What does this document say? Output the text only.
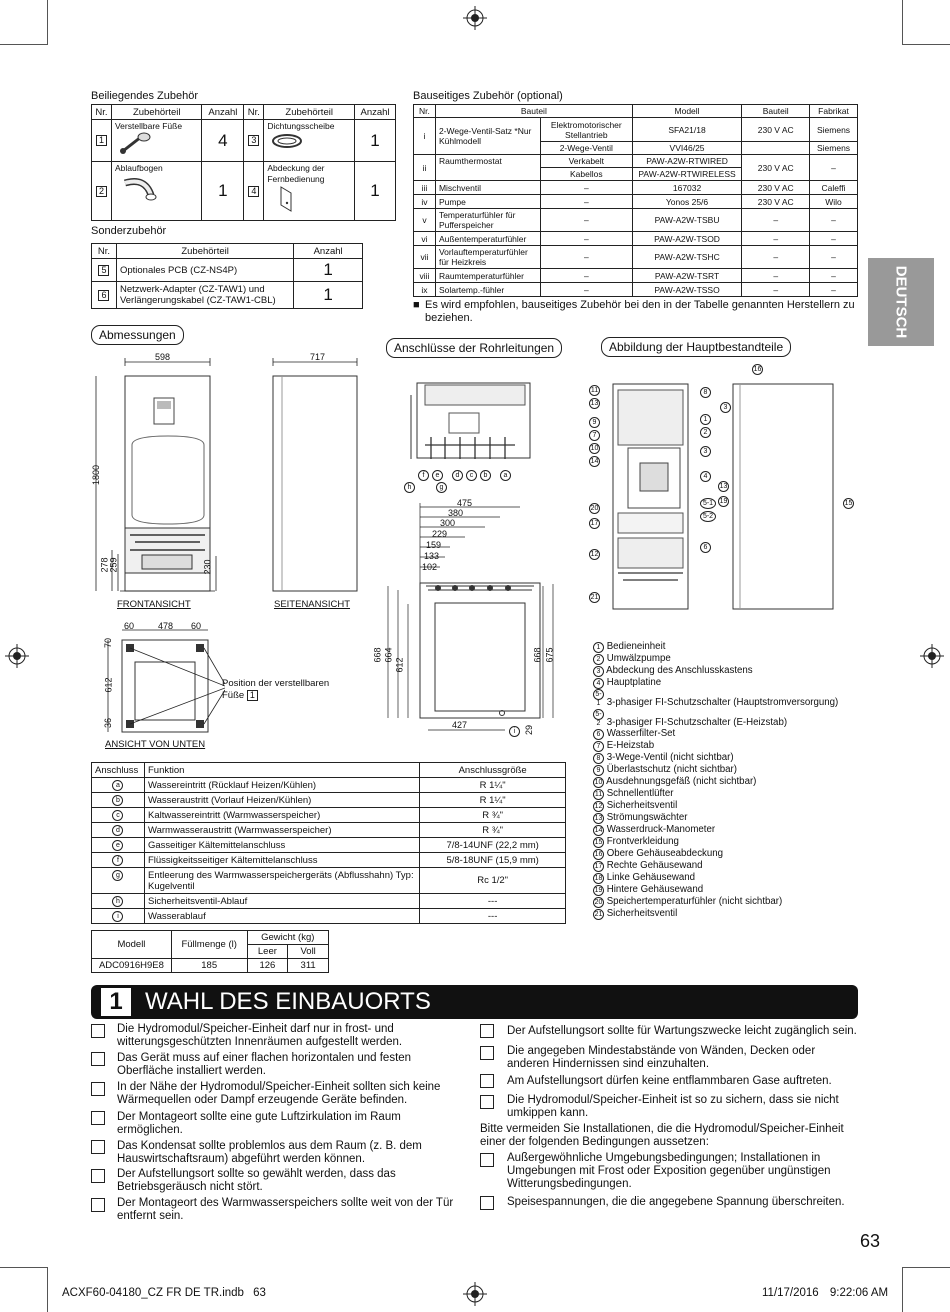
DEUTSCH
Beiliegendes Zubehör
Nr.	Zubehörteil	Anzahl	Nr.	Zubehörteil	Anzahl
1	Verstellbare Füße	4	3	Dichtungsscheibe	1
2	Ablaufbogen	1	4	Abdeckung der Fernbedienung	1
Sonderzubehör
Nr.	Zubehörteil	Anzahl
5	Optionales PCB (CZ-NS4P)	1
6	Netzwerk-Adapter (CZ-TAW1) und Verlängerungskabel (CZ-TAW1-CBL)	1
Bauseitiges Zubehör (optional)
Nr.	Bauteil		Modell	Bauteil	Fabrikat
i	2-Wege-Ventil-Satz *Nur Kühlmodell	Elektromotorischer Stellantrieb	SFA21/18	230 V AC	Siemens
		2-Wege-Ventil	VVI46/25		Siemens
ii	Raumthermostat	Verkabelt	PAW-A2W-RTWIRED	230 V AC	–
		Kabellos	PAW-A2W-RTWIRELESS		
iii	Mischventil	–	167032	230 V AC	Caleffi
iv	Pumpe	–	Yonos 25/6	230 V AC	Wilo
v	Temperaturfühler für Pufferspeicher	–	PAW-A2W-TSBU	–	–
vi	Außentemperaturfühler	–	PAW-A2W-TSOD	–	–
vii	Vorlauftemperaturfühler für Heizkreis	–	PAW-A2W-TSHC	–	–
viii	Raumtemperaturfühler	–	PAW-A2W-TSRT	–	–
ix	Solartemp.-fühler	–	PAW-A2W-TSSO	–	–
■ Es wird empfohlen, bauseitiges Zubehör bei den in der Tabelle genannten Herstellern zu beziehen.
Abmessungen
Anschlüsse der Rohrleitungen	Abbildung der Hauptbestandteile
598
1800
278 259	230
FRONTANSICHT
717
SEITENANSICHT
60	478 60
70
612
36
Position der verstellbaren Füße 1
ANSICHT VON UNTEN
f	e	d	c	b	a
h	g
475
380
300
229
159
133
102
668 664
612
668 675
427	29
i
11
13
9
7
10
14
20
17
12
21
8
1
2
3
4
5-1
5-2
6
16
3
15
13
19
1 Bedieneinheit
2 Umwälzpumpe
3 Abdeckung des Anschlusskastens
4 Hauptplatine
5-1 3-phasiger FI-Schutzschalter (Hauptstromversorgung)
5-2 3-phasiger FI-Schutzschalter (E-Heizstab)
6 Wasserfilter-Set
7 E-Heizstab
8 3-Wege-Ventil (nicht sichtbar)
9 Überlastschutz (nicht sichtbar)
10 Ausdehnungsgefäß (nicht sichtbar)
11 Schnellentlüfter
12 Sicherheitsventil
13 Strömungswächter
14 Wasserdruck-Manometer
15 Frontverkleidung
16 Obere Gehäuseabdeckung
17 Rechte Gehäusewand
18 Linke Gehäusewand
19 Hintere Gehäusewand
20 Speichertemperaturfühler (nicht sichtbar)
21 Sicherheitsventil
Anschluss	Funktion	Anschlussgröße
a	Wassereintritt (Rücklauf Heizen/Kühlen)	R 1¼"
b	Wasseraustritt (Vorlauf Heizen/Kühlen)	R 1¼"
c	Kaltwassereintritt (Warmwasserspeicher)	R ¾"
d	Warmwasseraustritt (Warmwasserspeicher)	R ¾"
e	Gasseitiger Kältemittelanschluss	7/8-14UNF (22,2 mm)
f	Flüssigkeitsseitiger Kältemittelanschluss	5/8-18UNF (15,9 mm)
g	Entleerung des Warmwasserspeichergeräts (Abflusshahn) Typ: Kugelventil	Rc 1/2"
h	Sicherheitsventil-Ablauf	---
i	Wasserablauf	---
Modell	Füllmenge (l)	Gewicht (kg)	
		Leer	Voll
ADC0916H9E8	185	126	311
1 WAHL DES EINBAUORTS
Die Hydromodul/Speicher-Einheit darf nur in frost- und witterungsgeschützten Innenräumen aufgestellt werden.
Das Gerät muss auf einer flachen horizontalen und festen Oberfläche installiert werden.
In der Nähe der Hydromodul/Speicher-Einheit sollten sich keine Wärmequellen oder Dampf erzeugende Geräte befinden.
Der Montageort sollte eine gute Luftzirkulation im Raum ermöglichen.
Das Kondensat sollte problemlos aus dem Raum (z. B. dem Hauswirtschaftsraum) abgeführt werden können.
Der Aufstellungsort sollte so gewählt werden, dass das Betriebsgeräusch nicht stört.
Der Montageort des Warmwasserspeichers sollte weit von der Tür entfernt sein.
Der Aufstellungsort sollte für Wartungszwecke leicht zugänglich sein.
Die angegeben Mindestabstände von Wänden, Decken oder anderen Hindernissen sind einzuhalten.
Am Aufstellungsort dürfen keine entflammbaren Gase auftreten.
Die Hydromodul/Speicher-Einheit ist so zu sichern, dass sie nicht umkippen kann.
Bitte vermeiden Sie Installationen, die die Hydromodul/Speicher-Einheit einer der folgenden Bedingungen aussetzen:
Außergewöhnliche Umgebungsbedingungen; Installationen in Umgebungen mit Frost oder Exposition gegenüber ungünstigen Witterungsbedingungen.
Speisespannungen, die die angegebene Spannung überschreiten.
63
ACXF60-04180_CZ FR DE TR.indb 63	11/17/2016 9:22:06 AM
